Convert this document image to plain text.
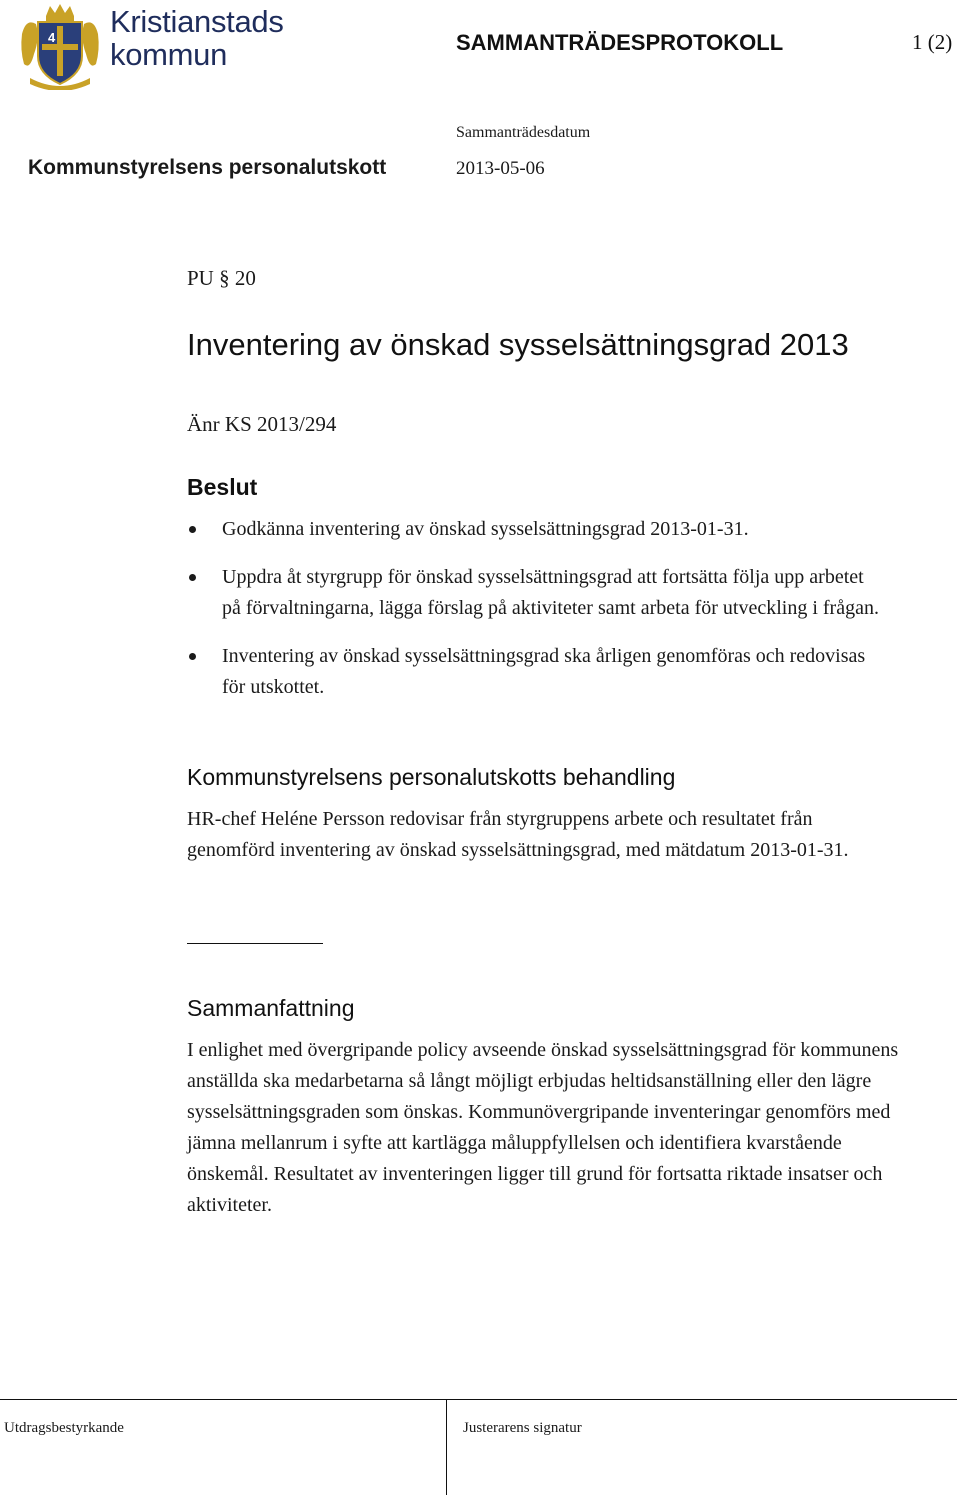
4 Kristianstads
kommun	SAMMANTRÄDESPROTOKOLL	1 (2)
Sammanträdesdatum
Kommunstyrelsens personalutskott	2013-05-06
PU § 20
Inventering av önskad sysselsättningsgrad 2013
Änr KS 2013/294
Beslut
Godkänna inventering av önskad sysselsättningsgrad 2013-01-31.
Uppdra åt styrgrupp för önskad sysselsättningsgrad att fortsätta följa upp arbetet på förvaltningarna, lägga förslag på aktiviteter samt arbeta för utveckling i frågan.
Inventering av önskad sysselsättningsgrad ska årligen genomföras och redovisas för utskottet.
Kommunstyrelsens personalutskotts behandling

HR-chef Heléne Persson redovisar från styrgruppens arbete och resultatet från genomförd inventering av önskad sysselsättningsgrad, med mätdatum 2013-01-31.

Sammanfattning

I enlighet med övergripande policy avseende önskad sysselsättningsgrad för kommunens anställda ska medarbetarna så långt möjligt erbjudas heltidsanställning eller den lägre sysselsättningsgraden som önskas. Kommunövergripande inventeringar genomförs med jämna mellanrum i syfte att kartlägga måluppfyllelsen och identifiera kvarstående önskemål. Resultatet av inventeringen ligger till grund för fortsatta riktade insatser och aktiviteter.

Utdragsbestyrkande	Justerarens signatur
